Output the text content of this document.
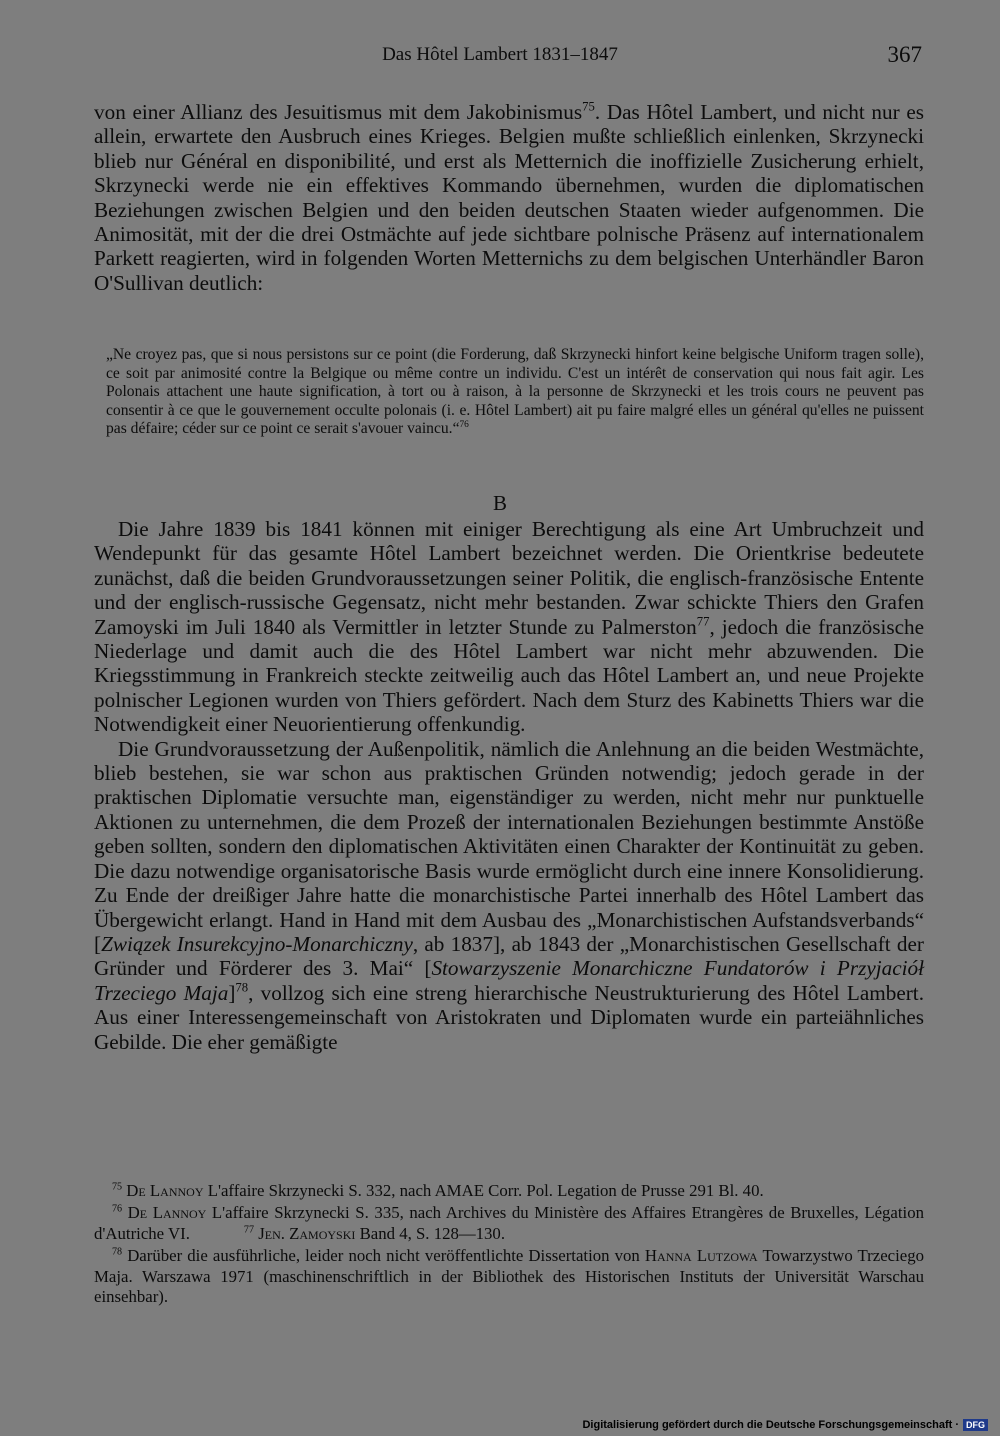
Das Hôtel Lambert 1831–1847	367

von einer Allianz des Jesuitismus mit dem Jakobinismus$^{75}$. Das Hôtel Lambert, und nicht nur es allein, erwartete den Ausbruch eines Krieges. Belgien mußte schließlich einlenken, Skrzynecki blieb nur Général en disponibilité, und erst als Metternich die inoffizielle Zusicherung erhielt, Skrzynecki werde nie ein effektives Kommando übernehmen, wurden die diplomatischen Beziehungen zwischen Belgien und den beiden deutschen Staaten wieder aufgenommen. Die Animosität, mit der die drei Ostmächte auf jede sichtbare polnische Präsenz auf internationalem Parkett reagierten, wird in folgenden Worten Metternichs zu dem belgischen Unterhändler Baron O'Sullivan deutlich:

„Ne croyez pas, que si nous persistons sur ce point (die Forderung, daß Skrzynecki hinfort keine belgische Uniform tragen solle), ce soit par animosité contre la Belgique ou même contre un individu. C'est un intérêt de conservation qui nous fait agir. Les Polonais attachent une haute signification, à tort ou à raison, à la personne de Skrzynecki et les trois cours ne peuvent pas consentir à ce que le gouvernement occulte polonais (i. e. Hôtel Lambert) ait pu faire malgré elles un général qu'elles ne puissent pas défaire; céder sur ce point ce serait s'avouer vaincu.“$^{76}$
B

Die Jahre 1839 bis 1841 können mit einiger Berechtigung als eine Art Umbruchzeit und Wendepunkt für das gesamte Hôtel Lambert bezeichnet werden. Die Orientkrise bedeutete zunächst, daß die beiden Grundvoraussetzungen seiner Politik, die englisch-französische Entente und der englisch-russische Gegensatz, nicht mehr bestanden. Zwar schickte Thiers den Grafen Zamoyski im Juli 1840 als Vermittler in letzter Stunde zu Palmerston$^{77}$, jedoch die französische Niederlage und damit auch die des Hôtel Lambert war nicht mehr abzuwenden. Die Kriegsstimmung in Frankreich steckte zeitweilig auch das Hôtel Lambert an, und neue Projekte polnischer Legionen wurden von Thiers gefördert. Nach dem Sturz des Kabinetts Thiers war die Notwendigkeit einer Neuorientierung offenkundig.

Die Grundvoraussetzung der Außenpolitik, nämlich die Anlehnung an die beiden Westmächte, blieb bestehen, sie war schon aus praktischen Gründen notwendig; jedoch gerade in der praktischen Diplomatie versuchte man, eigenständiger zu werden, nicht mehr nur punktuelle Aktionen zu unternehmen, die dem Prozeß der internationalen Beziehungen bestimmte Anstöße geben sollten, sondern den diplomatischen Aktivitäten einen Charakter der Kontinuität zu geben. Die dazu notwendige organisatorische Basis wurde ermöglicht durch eine innere Konsolidierung. Zu Ende der dreißiger Jahre hatte die monarchistische Partei innerhalb des Hôtel Lambert das Übergewicht erlangt. Hand in Hand mit dem Ausbau des „Monarchistischen Aufstandsverbands“ [Związek Insurekcyjno-Monarchiczny, ab 1837], ab 1843 der „Monarchistischen Gesellschaft der Gründer und Förderer des 3. Mai“ [Stowarzyszenie Monarchiczne Fundatorów i Przyjaciół Trzeciego Maja]$^{78}$, vollzog sich eine streng hierarchische Neustrukturierung des Hôtel Lambert. Aus einer Interessengemeinschaft von Aristokraten und Diplomaten wurde ein parteiähnliches Gebilde. Die eher gemäßigte

$^{75}$ De Lannoy L'affaire Skrzynecki S. 332, nach AMAE Corr. Pol. Legation de Prusse 291 Bl. 40.

$^{76}$ De Lannoy L'affaire Skrzynecki S. 335, nach Archives du Ministère des Affaires Etrangères de Bruxelles, Légation d'Autriche VI.	$^{77}$ Jen. Zamoyski Band 4, S. 128—130.

$^{78}$ Darüber die ausführliche, leider noch nicht veröffentlichte Dissertation von Hanna Lutzowa Towarzystwo Trzeciego Maja. Warszawa 1971 (maschinenschriftlich in der Bibliothek des Historischen Instituts der Universität Warschau einsehbar).

Digitalisierung gefördert durch die Deutsche Forschungsgemeinschaft · DFG
